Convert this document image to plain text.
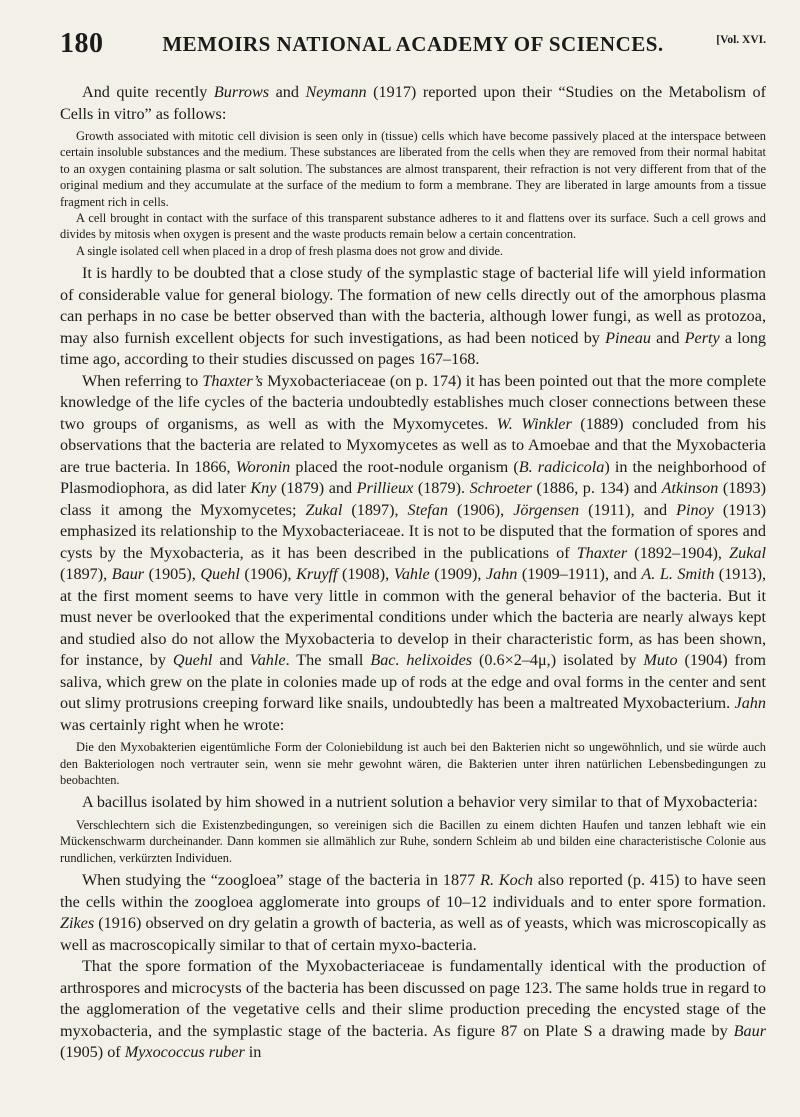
180	MEMOIRS NATIONAL ACADEMY OF SCIENCES.	[Vol. XVI.

And quite recently Burrows and Neymann (1917) reported upon their “Studies on the Metabolism of Cells in vitro” as follows:

Growth associated with mitotic cell division is seen only in (tissue) cells which have become passively placed at the interspace between certain insoluble substances and the medium. These substances are liberated from the cells when they are removed from their normal habitat to an oxygen containing plasma or salt solution. The substances are almost transparent, their refraction is not very different from that of the original medium and they accumulate at the surface of the medium to form a membrane. They are liberated in large amounts from a tissue fragment rich in cells.

A cell brought in contact with the surface of this transparent substance adheres to it and flattens over its surface. Such a cell grows and divides by mitosis when oxygen is present and the waste products remain below a certain concentration.

A single isolated cell when placed in a drop of fresh plasma does not grow and divide.

It is hardly to be doubted that a close study of the symplastic stage of bacterial life will yield information of considerable value for general biology. The formation of new cells directly out of the amorphous plasma can perhaps in no case be better observed than with the bacteria, although lower fungi, as well as protozoa, may also furnish excellent objects for such investigations, as had been noticed by Pineau and Perty a long time ago, according to their studies discussed on pages 167–168.

When referring to Thaxter’s Myxobacteriaceae (on p. 174) it has been pointed out that the more complete knowledge of the life cycles of the bacteria undoubtedly establishes much closer connections between these two groups of organisms, as well as with the Myxomycetes. W. Winkler (1889) concluded from his observations that the bacteria are related to Myxomycetes as well as to Amoebae and that the Myxobacteria are true bacteria. In 1866, Woronin placed the root-nodule organism (B. radicicola) in the neighborhood of Plasmodiophora, as did later Kny (1879) and Prillieux (1879). Schroeter (1886, p. 134) and Atkinson (1893) class it among the Myxomycetes; Zukal (1897), Stefan (1906), Jörgensen (1911), and Pinoy (1913) emphasized its relationship to the Myxobacteriaceae. It is not to be disputed that the formation of spores and cysts by the Myxobacteria, as it has been described in the publications of Thaxter (1892–1904), Zukal (1897), Baur (1905), Quehl (1906), Kruyff (1908), Vahle (1909), Jahn (1909–1911), and A. L. Smith (1913), at the first moment seems to have very little in common with the general behavior of the bacteria. But it must never be overlooked that the experimental conditions under which the bacteria are nearly always kept and studied also do not allow the Myxobacteria to develop in their characteristic form, as has been shown, for instance, by Quehl and Vahle. The small Bac. helixoides (0.6×2–4μ,) isolated by Muto (1904) from saliva, which grew on the plate in colonies made up of rods at the edge and oval forms in the center and sent out slimy protrusions creeping forward like snails, undoubtedly has been a maltreated Myxobacterium. Jahn was certainly right when he wrote:

Die den Myxobakterien eigentümliche Form der Coloniebildung ist auch bei den Bakterien nicht so ungewöhnlich, und sie würde auch den Bakteriologen noch vertrauter sein, wenn sie mehr gewohnt wären, die Bakterien unter ihren natürlichen Lebensbedingungen zu beobachten.

A bacillus isolated by him showed in a nutrient solution a behavior very similar to that of Myxobacteria:

Verschlechtern sich die Existenzbedingungen, so vereinigen sich die Bacillen zu einem dichten Haufen und tanzen lebhaft wie ein Mückenschwarm durcheinander. Dann kommen sie allmählich zur Ruhe, sondern Schleim ab und bilden eine characteristische Colonie aus rundlichen, verkürzten Individuen.

When studying the “zoogloea” stage of the bacteria in 1877 R. Koch also reported (p. 415) to have seen the cells within the zoogloea agglomerate into groups of 10–12 individuals and to enter spore formation. Zikes (1916) observed on dry gelatin a growth of bacteria, as well as of yeasts, which was microscopically as well as macroscopically similar to that of certain myxo-bacteria.

That the spore formation of the Myxobacteriaceae is fundamentally identical with the production of arthrospores and microcysts of the bacteria has been discussed on page 123. The same holds true in regard to the agglomeration of the vegetative cells and their slime production preceding the encysted stage of the myxobacteria, and the symplastic stage of the bacteria. As figure 87 on Plate S a drawing made by Baur (1905) of Myxococcus ruber in
